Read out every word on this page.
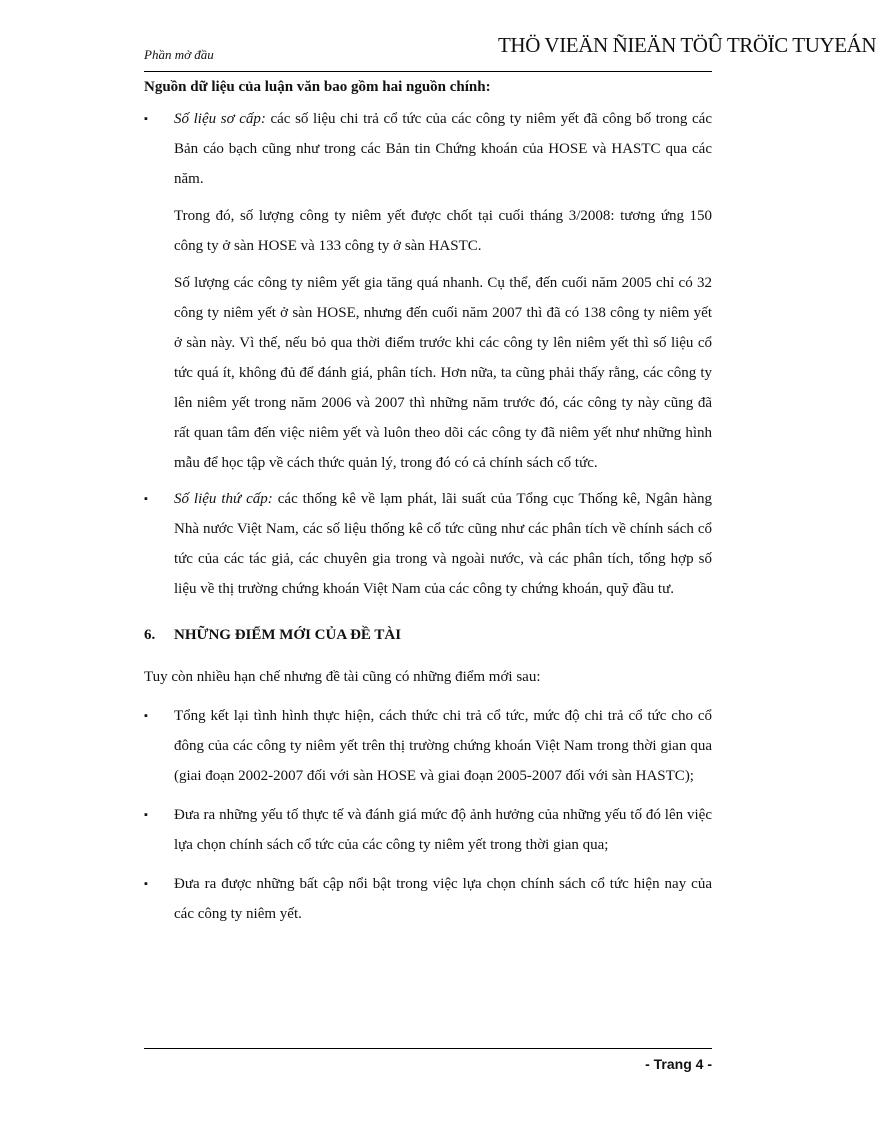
Phần mở đầu	THÖ VIEÄN ÑIEÄN TÖÛ TRÖÏC TUYEÁN

Nguồn dữ liệu của luận văn bao gồm hai nguồn chính:

▪	Số liệu sơ cấp: các số liệu chi trả cổ tức của các công ty niêm yết đã công bố trong các Bản cáo bạch cũng như trong các Bản tin Chứng khoán của HOSE và HASTC qua các năm.
Trong đó, số lượng công ty niêm yết được chốt tại cuối tháng 3/2008: tương ứng 150 công ty ở sàn HOSE và 133 công ty ở sàn HASTC.
Số lượng các công ty niêm yết gia tăng quá nhanh. Cụ thể, đến cuối năm 2005 chỉ có 32 công ty niêm yết ở sàn HOSE, nhưng đến cuối năm 2007 thì đã có 138 công ty niêm yết ở sàn này. Vì thế, nếu bỏ qua thời điểm trước khi các công ty lên niêm yết thì số liệu cổ tức quá ít, không đủ để đánh giá, phân tích. Hơn nữa, ta cũng phải thấy rằng, các công ty lên niêm yết trong năm 2006 và 2007 thì những năm trước đó, các công ty này cũng đã rất quan tâm đến việc niêm yết và luôn theo dõi các công ty đã niêm yết như những hình mẫu để học tập về cách thức quản lý, trong đó có cả chính sách cổ tức.
▪	Số liệu thứ cấp: các thống kê về lạm phát, lãi suất của Tổng cục Thống kê, Ngân hàng Nhà nước Việt Nam, các số liệu thống kê cổ tức cũng như các phân tích về chính sách cổ tức của các tác giả, các chuyên gia trong và ngoài nước, và các phân tích, tổng hợp số liệu về thị trường chứng khoán Việt Nam của các công ty chứng khoán, quỹ đầu tư.
6. NHỮNG ĐIỂM MỚI CỦA ĐỀ TÀI
Tuy còn nhiều hạn chế nhưng đề tài cũng có những điểm mới sau:
▪	Tổng kết lại tình hình thực hiện, cách thức chi trả cổ tức, mức độ chi trả cổ tức cho cổ đông của các công ty niêm yết trên thị trường chứng khoán Việt Nam trong thời gian qua (giai đoạn 2002-2007 đối với sàn HOSE và giai đoạn 2005-2007 đối với sàn HASTC);
▪	Đưa ra những yếu tố thực tế và đánh giá mức độ ảnh hưởng của những yếu tố đó lên việc lựa chọn chính sách cổ tức của các công ty niêm yết trong thời gian qua;
▪	Đưa ra được những bất cập nổi bật trong việc lựa chọn chính sách cổ tức hiện nay của các công ty niêm yết.
- Trang 4 -
